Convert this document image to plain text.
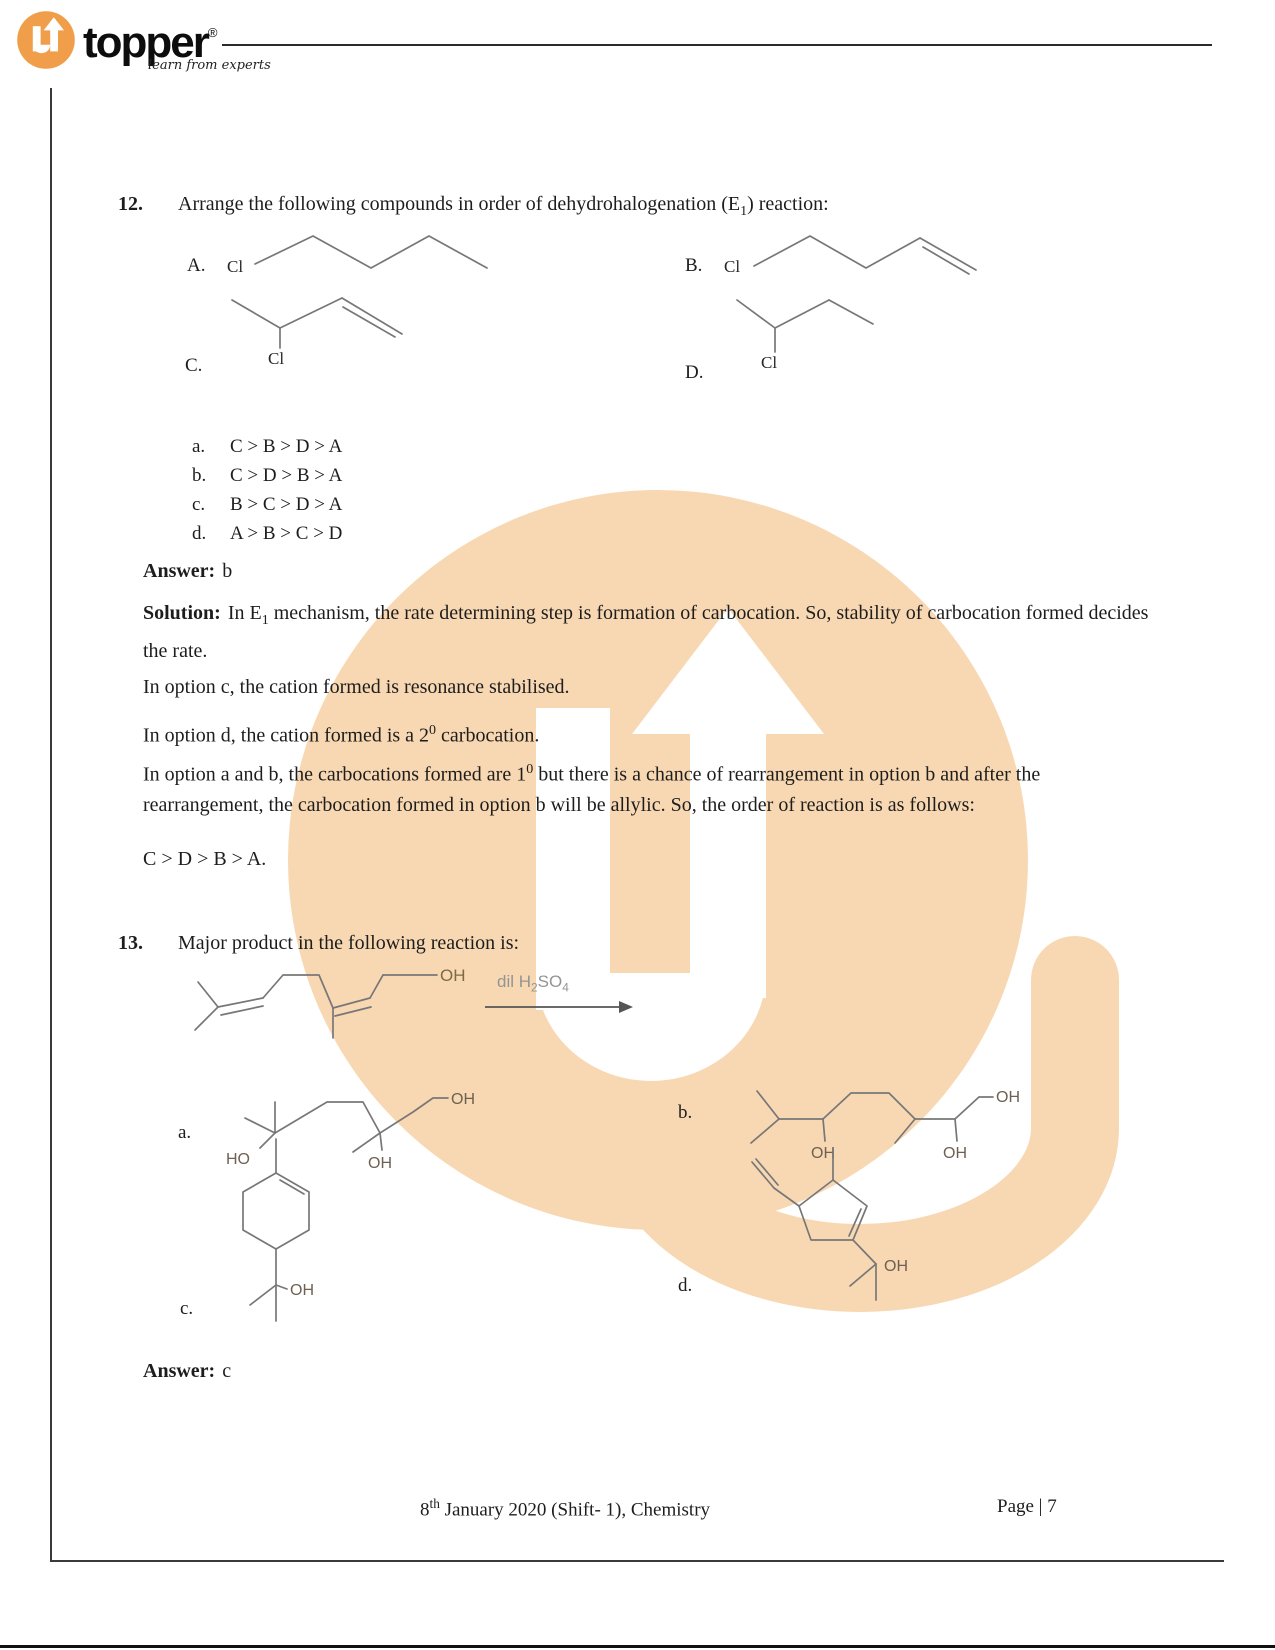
topper®
learn from experts
12. Arrange the following compounds in order of dehydrohalogenation $(E_1)$ reaction:
A. Cl	B. Cl
C.	Cl
D.	Cl
a. C > B > D > A
b. C > D > B > A
c. B > C > D > A
d. A > B > C > D
Answer: b
Solution: In $E_1$ mechanism, the rate determining step is formation of carbocation. So, stability of carbocation formed decides the rate.
In option c, the cation formed is resonance stabilised.
In option d, the cation formed is a $2^0$ carbocation.
In option a and b, the carbocations formed are $1^0$ but there is a chance of rearrangement in option b and after the rearrangement, the carbocation formed in option b will be allylic. So, the order of reaction is as follows:
C > D > B > A.
13. Major product in the following reaction is:
OH dil $H_2SO_4$
a.
HO	OH
OH
b.
OH	OH
OH
c.
OH	d.
OH
Answer: c
8th January 2020 (Shift- 1), Chemistry	Page | 7
